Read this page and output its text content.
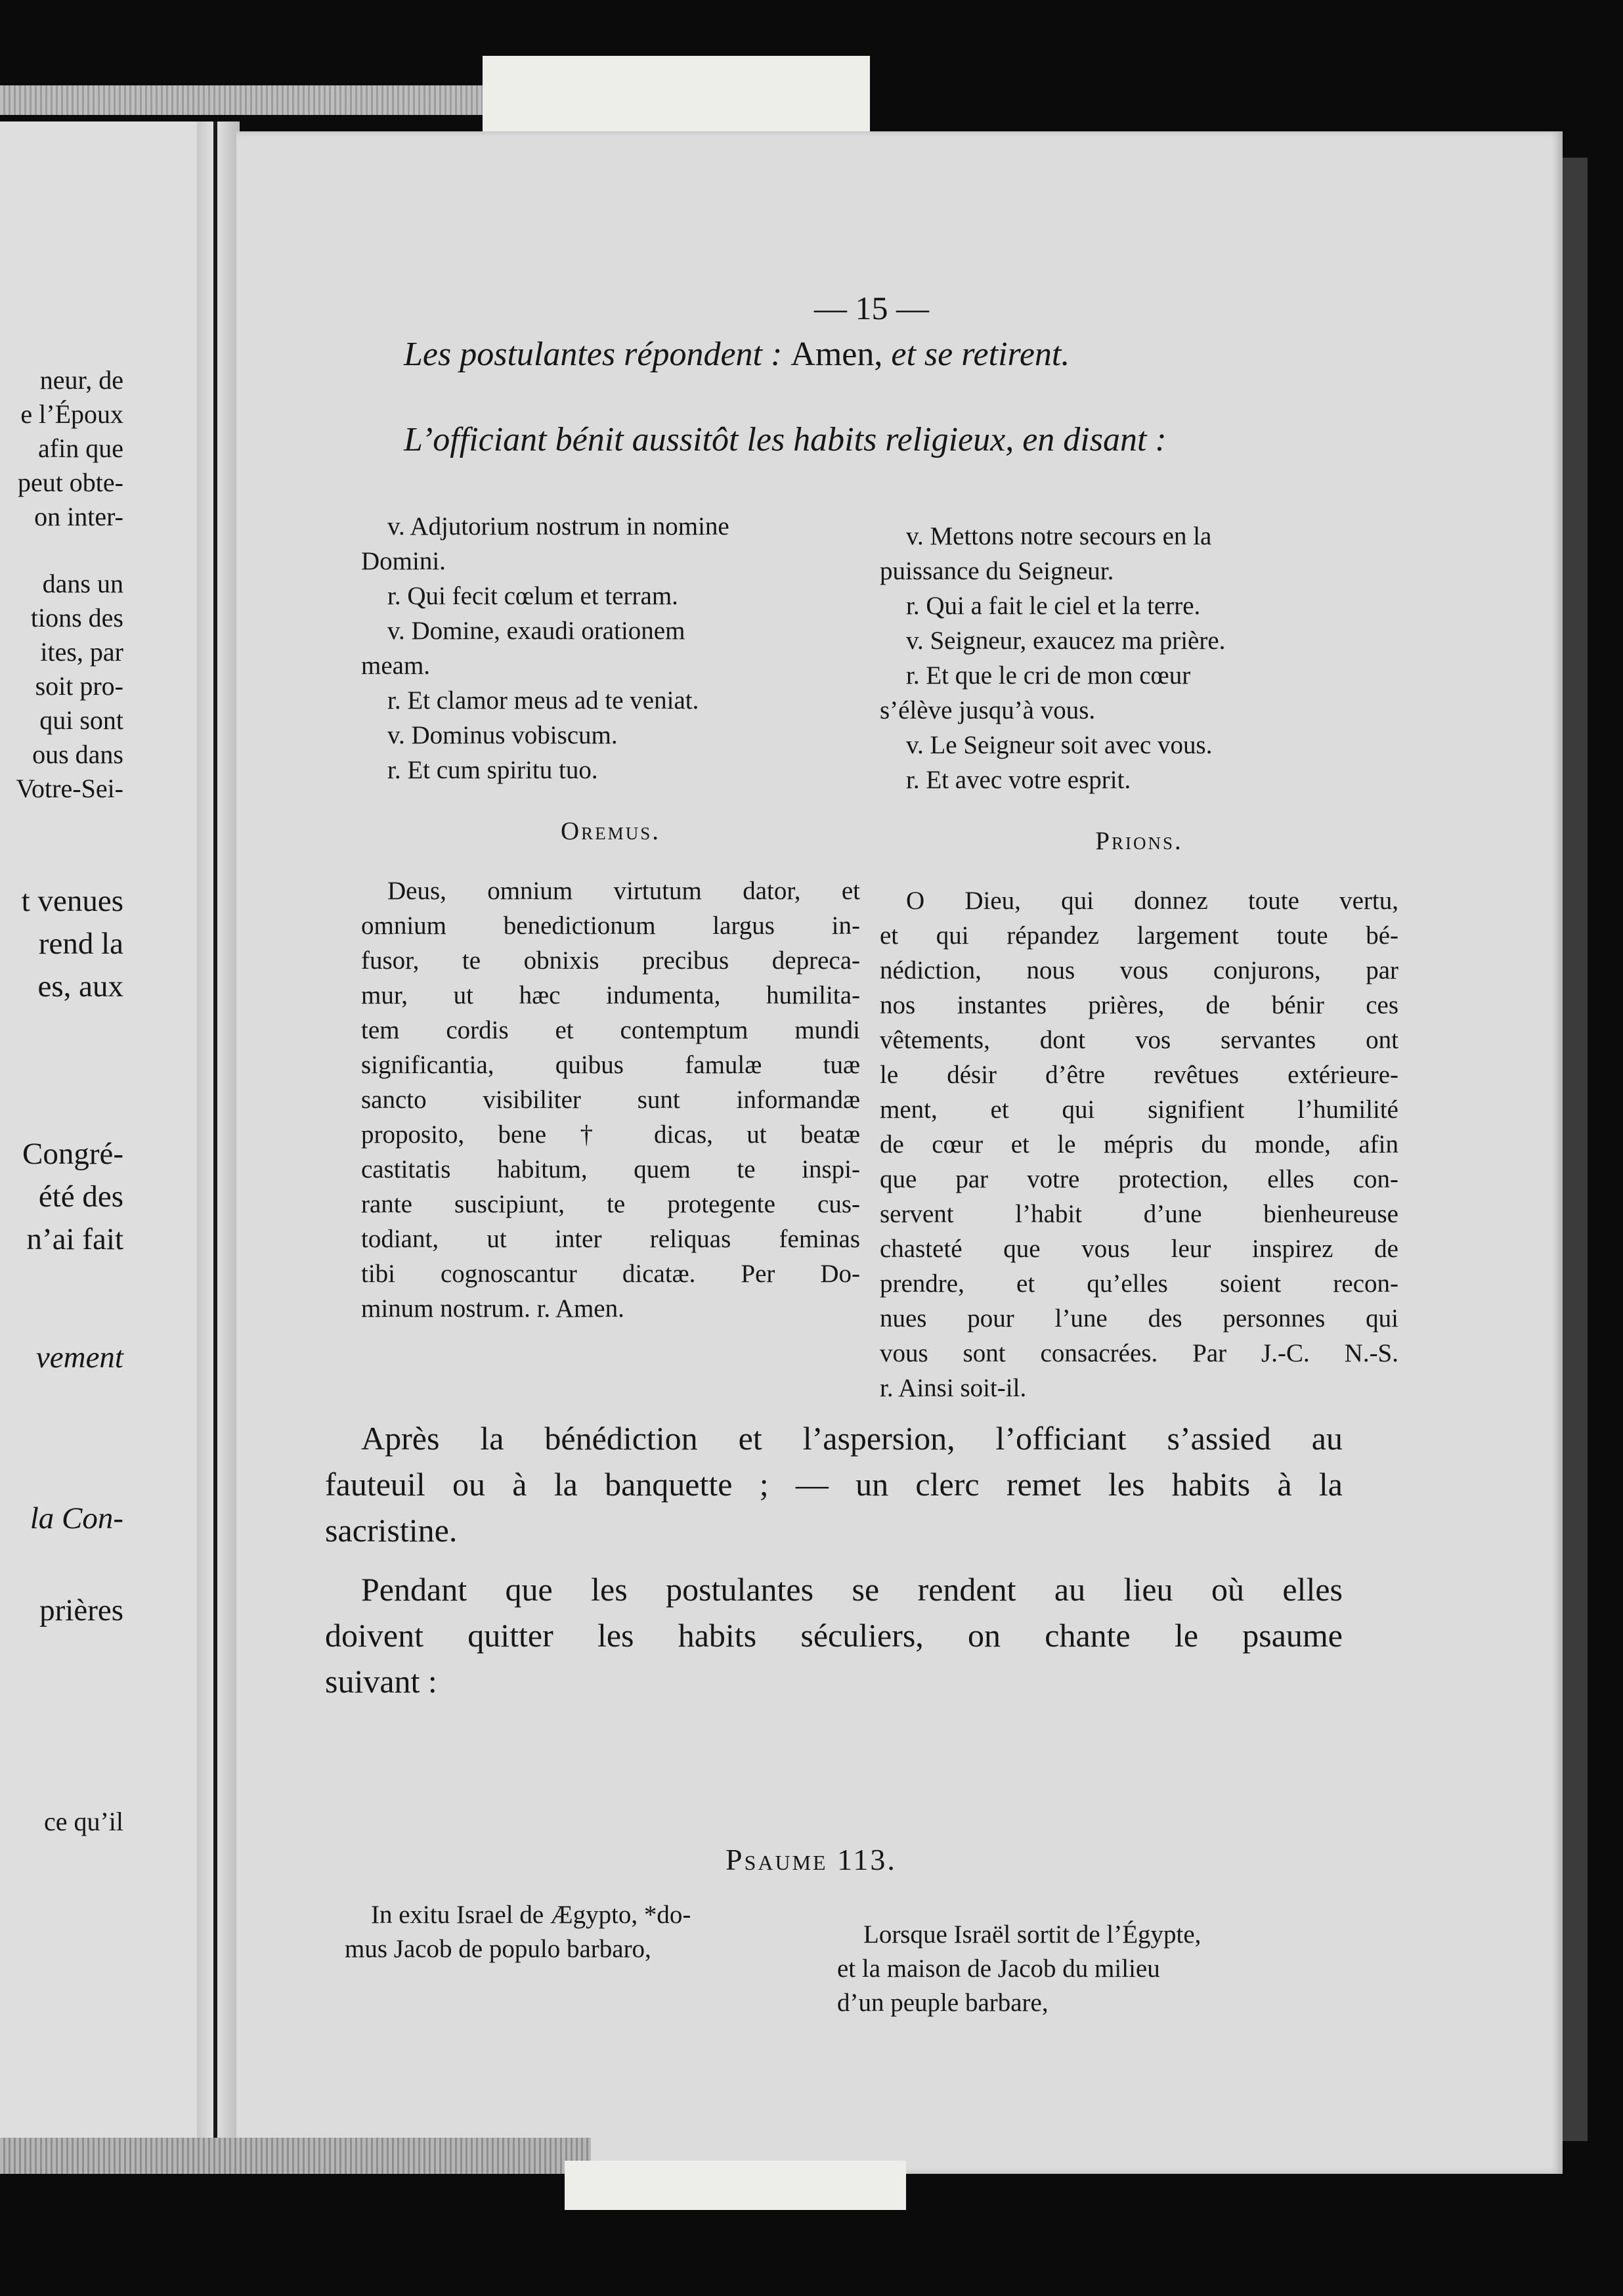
neur, de
e l’Époux
afin que
peut obte-
on inter-
dans un
tions des
ites, par
soit pro-
qui sont
ous dans
Votre-Sei-
t venues
rend la
es, aux
Congré-
été des
n’ai fait
vement
la Con-
prières
ce qu’il
— 15 —
Les postulantes répondent : Amen, et se retirent.
L’officiant bénit aussitôt les habits religieux, en disant :
v. Adjutorium nostrum in nomine
Domini.
r. Qui fecit cœlum et terram.
v. Domine, exaudi orationem
meam.
r. Et clamor meus ad te veniat.
v. Dominus vobiscum.
r. Et cum spiritu tuo.
Oremus.
Deus, omnium virtutum dator, et
omnium benedictionum largus in-
fusor, te obnixis precibus depreca-
mur, ut hæc indumenta, humilita-
tem cordis et contemptum mundi
significantia, quibus famulæ tuæ
sancto visibiliter sunt informandæ
proposito, bene † dicas, ut beatæ
castitatis habitum, quem te inspi-
rante suscipiunt, te protegente cus-
todiant, ut inter reliquas feminas
tibi cognoscantur dicatæ. Per Do-
minum nostrum. r. Amen.
v. Mettons notre secours en la
puissance du Seigneur.
r. Qui a fait le ciel et la terre.
v. Seigneur, exaucez ma prière.
r. Et que le cri de mon cœur
s’élève jusqu’à vous.
v. Le Seigneur soit avec vous.
r. Et avec votre esprit.
Prions.
O Dieu, qui donnez toute vertu,
et qui répandez largement toute bé-
nédiction, nous vous conjurons, par
nos instantes prières, de bénir ces
vêtements, dont vos servantes ont
le désir d’être revêtues extérieure-
ment, et qui signifient l’humilité
de cœur et le mépris du monde, afin
que par votre protection, elles con-
servent l’habit d’une bienheureuse
chasteté que vous leur inspirez de
prendre, et qu’elles soient recon-
nues pour l’une des personnes qui
vous sont consacrées. Par J.-C. N.-S.
r. Ainsi soit-il.
Après la bénédiction et l’aspersion, l’officiant s’assied au
fauteuil ou à la banquette ; — un clerc remet les habits à la
sacristine.
Pendant que les postulantes se rendent au lieu où elles
doivent quitter les habits séculiers, on chante le psaume
suivant :
Psaume 113.
In exitu Israel de Ægypto, *do-
mus Jacob de populo barbaro,
Lorsque Israël sortit de l’Égypte,
et la maison de Jacob du milieu
d’un peuple barbare,
